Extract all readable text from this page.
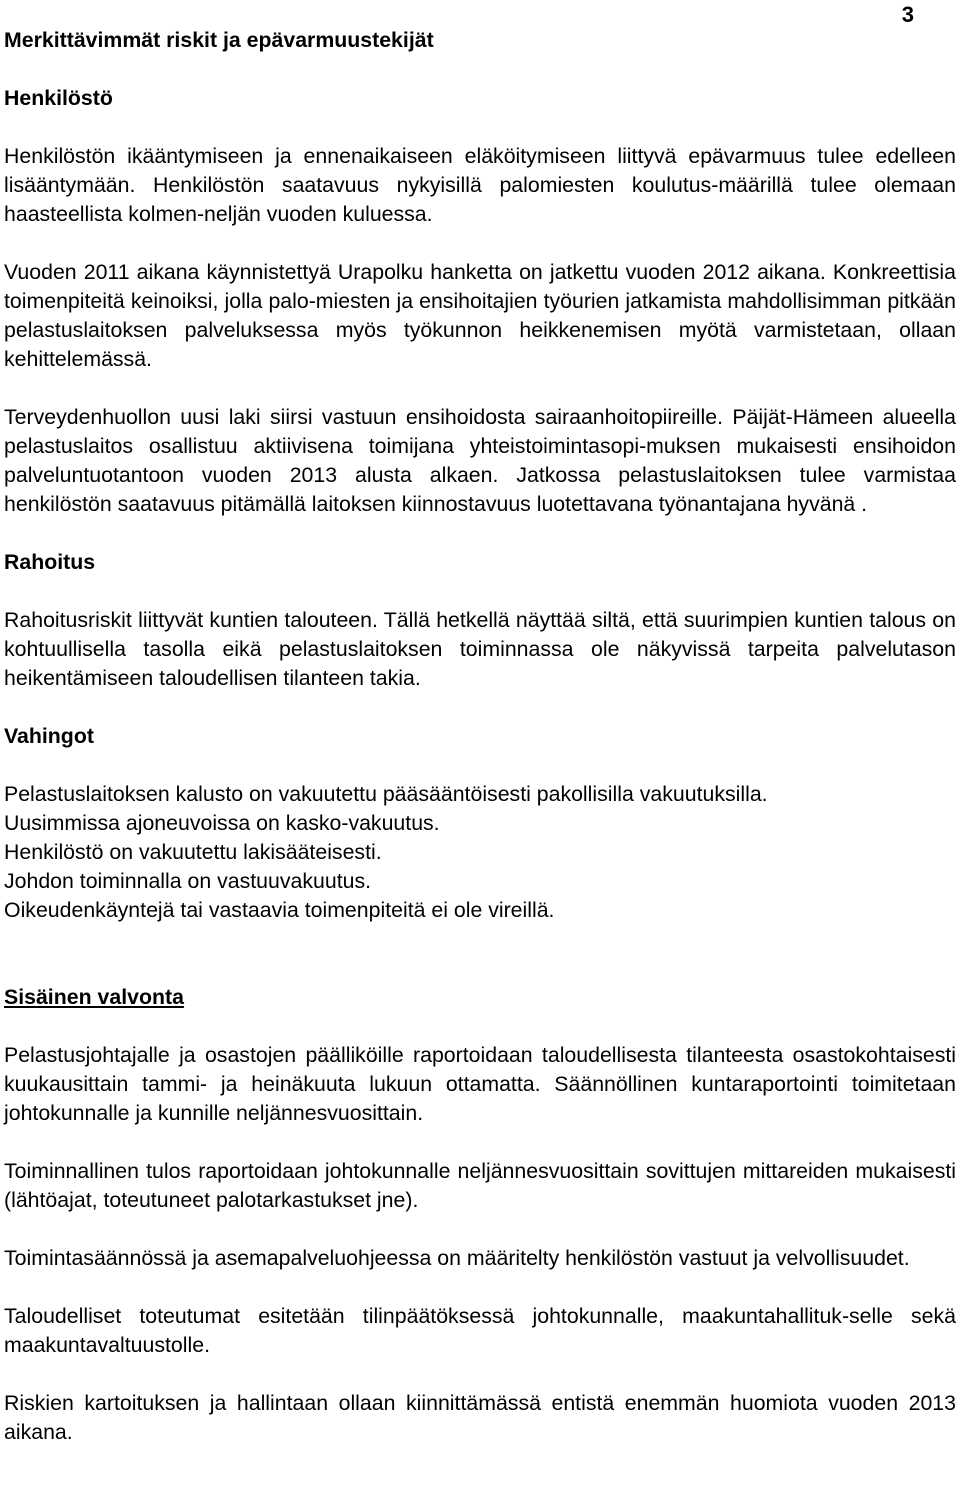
3
Merkittävimmät riskit ja epävarmuustekijät
Henkilöstö

Henkilöstön ikääntymiseen ja ennenaikaiseen eläköitymiseen liittyvä epävarmuus tulee edelleen lisääntymään. Henkilöstön saatavuus nykyisillä palomiesten koulutus-määrillä tulee olemaan haasteellista kolmen-neljän vuoden kuluessa.

Vuoden 2011 aikana käynnistettyä Urapolku hanketta on jatkettu vuoden 2012 aikana. Konkreettisia toimenpiteitä keinoiksi, jolla palo-miesten ja ensihoitajien työurien jatkamista mahdollisimman pitkään pelastuslaitoksen palveluksessa myös työkunnon heikkenemisen myötä varmistetaan, ollaan kehittelemässä.

Terveydenhuollon uusi laki siirsi vastuun ensihoidosta sairaanhoitopiireille. Päijät-Hämeen alueella pelastuslaitos osallistuu aktiivisena toimijana yhteistoimintasopi-muksen mukaisesti ensihoidon palveluntuotantoon vuoden 2013 alusta alkaen. Jatkossa pelastuslaitoksen tulee varmistaa henkilöstön saatavuus pitämällä laitoksen kiinnostavuus luotettavana työnantajana hyvänä .

Rahoitus

Rahoitusriskit liittyvät kuntien talouteen. Tällä hetkellä näyttää siltä, että suurimpien kuntien talous on kohtuullisella tasolla eikä pelastuslaitoksen toiminnassa ole näkyvissä tarpeita palvelutason heikentämiseen taloudellisen tilanteen takia.

Vahingot
Pelastuslaitoksen kalusto on vakuutettu pääsääntöisesti pakollisilla vakuutuksilla.
Uusimmissa ajoneuvoissa on kasko-vakuutus.
Henkilöstö on vakuutettu lakisääteisesti.
Johdon toiminnalla on vastuuvakuutus.
Oikeudenkäyntejä tai vastaavia toimenpiteitä ei ole vireillä.
Sisäinen valvonta

Pelastusjohtajalle ja osastojen päälliköille raportoidaan taloudellisesta tilanteesta osastokohtaisesti kuukausittain tammi- ja heinäkuuta lukuun ottamatta. Säännöllinen kuntaraportointi toimitetaan johtokunnalle ja kunnille neljännesvuosittain.

Toiminnallinen tulos raportoidaan johtokunnalle neljännesvuosittain sovittujen mittareiden mukaisesti (lähtöajat, toteutuneet palotarkastukset jne).

Toimintasäännössä ja asemapalveluohjeessa on määritelty henkilöstön vastuut ja velvollisuudet.

Taloudelliset toteutumat esitetään tilinpäätöksessä johtokunnalle, maakuntahallituk-selle sekä maakuntavaltuustolle.

Riskien kartoituksen ja hallintaan ollaan kiinnittämässä entistä enemmän huomiota vuoden 2013 aikana.
